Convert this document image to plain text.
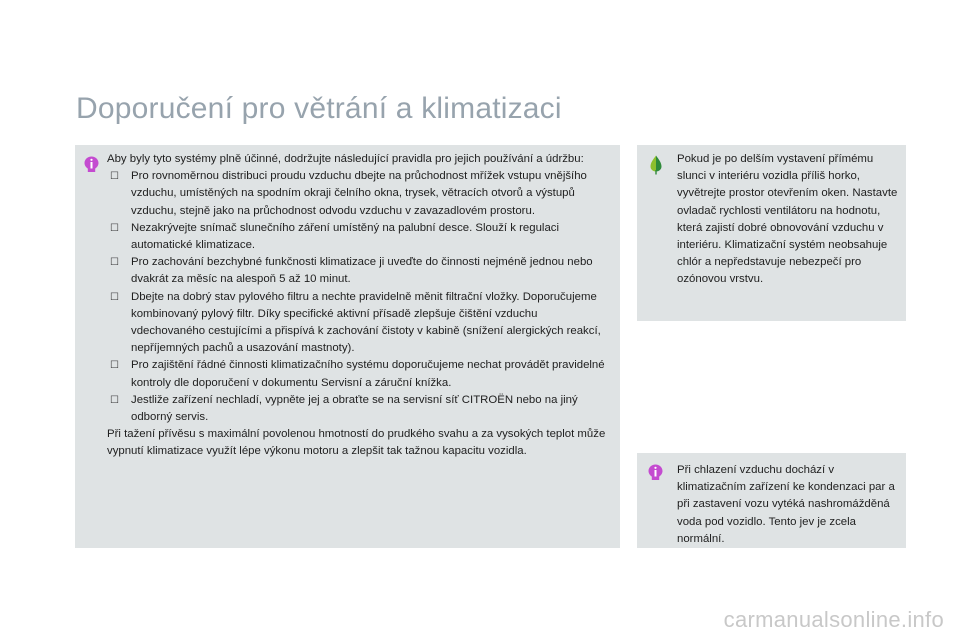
Doporučení pro větrání a klimatizaci

Aby byly tyto systémy plně účinné, dodržujte následující pravidla pro jejich používání a údržbu:

☐ Pro rovnoměrnou distribuci proudu vzduchu dbejte na průchodnost mřížek vstupu vnějšího vzduchu, umístěných na spodním okraji čelního okna, trysek, větracích otvorů a výstupů vzduchu, stejně jako na průchodnost odvodu vzduchu v zavazadlovém prostoru.
☐ Nezakrývejte snímač slunečního záření umístěný na palubní desce. Slouží k regulaci automatické klimatizace.
☐ Pro zachování bezchybné funkčnosti klimatizace ji uveďte do činnosti nejméně jednou nebo dvakrát za měsíc na alespoň 5 až 10 minut.
☐ Dbejte na dobrý stav pylového filtru a nechte pravidelně měnit filtrační vložky. Doporučujeme kombinovaný pylový filtr. Díky specifické aktivní přísadě zlepšuje čištění vzduchu vdechovaného cestujícími a přispívá k zachování čistoty v kabině (snížení alergických reakcí, nepříjemných pachů a usazování mastnoty).
☐ Pro zajištění řádné činnosti klimatizačního systému doporučujeme nechat provádět pravidelné kontroly dle doporučení v dokumentu Servisní a záruční knížka.
☐ Jestliže zařízení nechladí, vypněte jej a obraťte se na servisní síť CITROËN nebo na jiný odborný servis.

Při tažení přívěsu s maximální povolenou hmotností do prudkého svahu a za vysokých teplot může vypnutí klimatizace využít lépe výkonu motoru a zlepšit tak tažnou kapacitu vozidla.

Pokud je po delším vystavení přímému slunci v interiéru vozidla příliš horko, vyvětrejte prostor otevřením oken. Nastavte ovladač rychlosti ventilátoru na hodnotu, která zajistí dobré obnovování vzduchu v interiéru. Klimatizační systém neobsahuje chlór a nepředstavuje nebezpečí pro ozónovou vrstvu.

Při chlazení vzduchu dochází v klimatizačním zařízení ke kondenzaci par a při zastavení vozu vytéká nashromážděná voda pod vozidlo. Tento jev je zcela normální.

carmanualsonline.info
